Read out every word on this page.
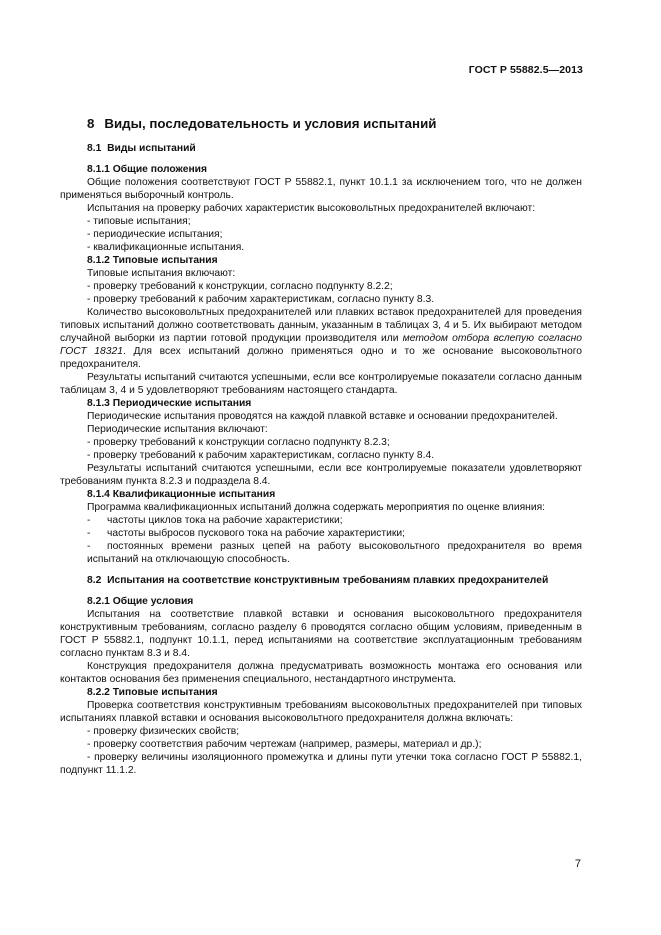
ГОСТ Р 55882.5—2013
8 Виды, последовательность и условия испытаний

8.1 Виды испытаний

8.1.1 Общие положения

Общие положения соответствуют ГОСТ Р 55882.1, пункт 10.1.1 за исключением того, что не должен применяться выборочный контроль.

Испытания на проверку рабочих характеристик высоковольтных предохранителей включают:

- типовые испытания;

- периодические испытания;

- квалификационные испытания.

8.1.2 Типовые испытания

Типовые испытания включают:

- проверку требований к конструкции, согласно подпункту 8.2.2;

- проверку требований к рабочим характеристикам, согласно пункту 8.3.

Количество высоковольтных предохранителей или плавких вставок предохранителей для проведения типовых испытаний должно соответствовать данным, указанным в таблицах 3, 4 и 5. Их выбирают методом случайной выборки из партии готовой продукции производителя или методом отбора вслепую согласно ГОСТ 18321. Для всех испытаний должно применяться одно и то же основание высоковольтного предохранителя.

Результаты испытаний считаются успешными, если все контролируемые показатели согласно данным таблицам 3, 4 и 5 удовлетворяют требованиям настоящего стандарта.

8.1.3 Периодические испытания

Периодические испытания проводятся на каждой плавкой вставке и основании предохранителей.

Периодические испытания включают:

- проверку требований к конструкции согласно подпункту 8.2.3;

- проверку требований к рабочим характеристикам, согласно пункту 8.4.

Результаты испытаний считаются успешными, если все контролируемые показатели удовлетворяют требованиям пункта 8.2.3 и подраздела 8.4.

8.1.4 Квалификационные испытания

Программа квалификационных испытаний должна содержать мероприятия по оценке влияния:

-	частоты циклов тока на рабочие характеристики;
-	частоты выбросов пускового тока на рабочие характеристики;

- постоянных времени разных цепей на работу высоковольтного предохранителя во время испытаний на отключающую способность.

8.2 Испытания на соответствие конструктивным требованиям плавких предохранителей

8.2.1 Общие условия

Испытания на соответствие плавкой вставки и основания высоковольтного предохранителя конструктивным требованиям, согласно разделу 6 проводятся согласно общим условиям, приведенным в ГОСТ Р 55882.1, подпункт 10.1.1, перед испытаниями на соответствие эксплуатационным требованиям согласно пунктам 8.3 и 8.4.

Конструкция предохранителя должна предусматривать возможность монтажа его основания или контактов основания без применения специального, нестандартного инструмента.

8.2.2 Типовые испытания

Проверка соответствия конструктивным требованиям высоковольтных предохранителей при типовых испытаниях плавкой вставки и основания высоковольтного предохранителя должна включать:

- проверку физических свойств;

- проверку соответствия рабочим чертежам (например, размеры, материал и др.);

- проверку величины изоляционного промежутка и длины пути утечки тока согласно ГОСТ Р 55882.1, подпункт 11.1.2.

7
